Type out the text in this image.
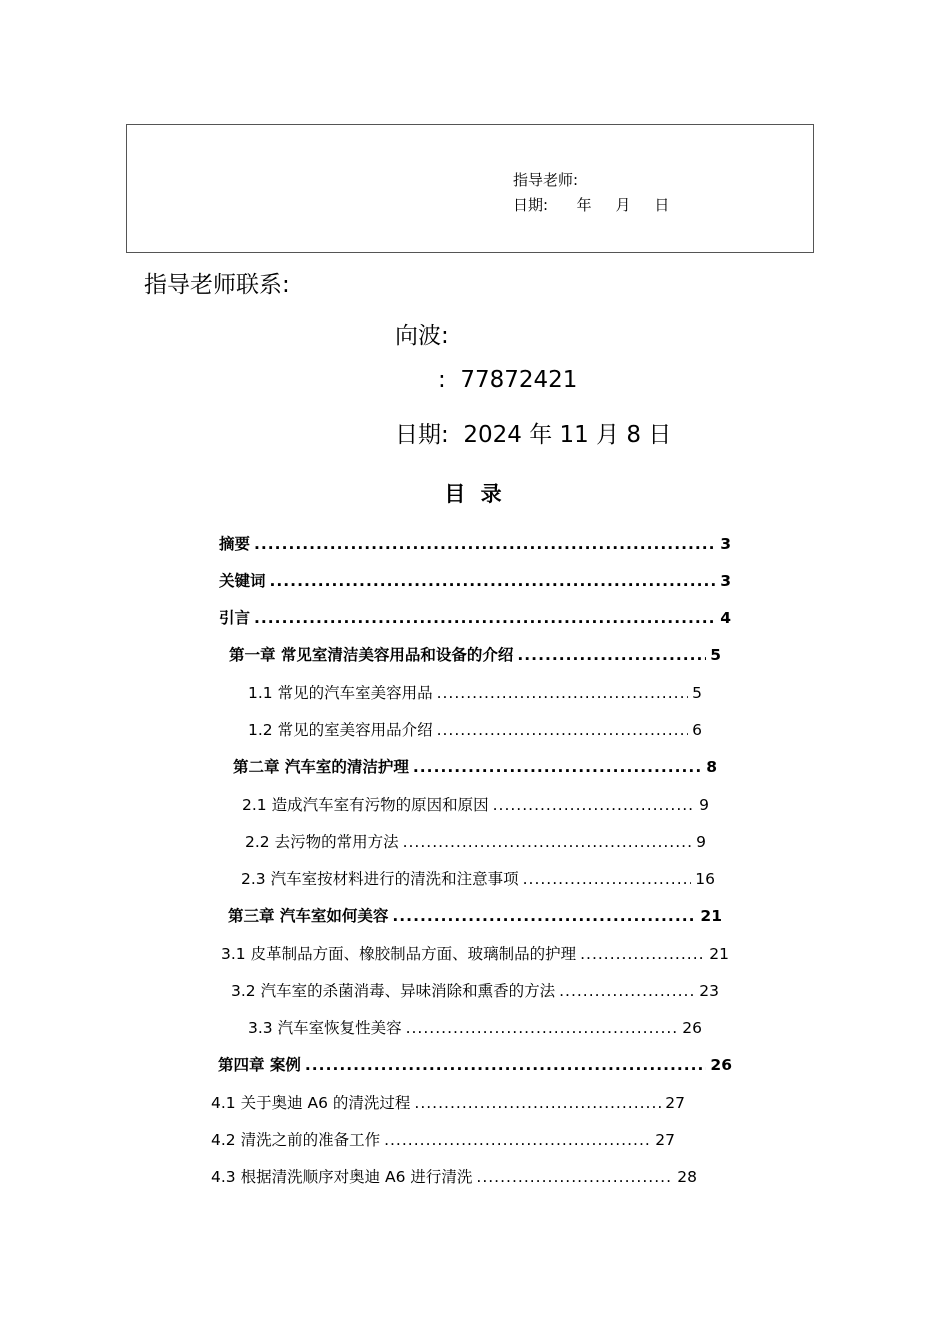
指导老师:
日期:      年     月     日
指导老师联系:
向波:
:  77872421
日期:  2024 年 11 月 8 日
目 录
摘要 .....	3
关键词 .....	3
引言 .....	4
第一章 常见室清洁美容用品和设备的介绍 .....	5
1.1 常见的汽车室美容用品 .....	5
1.2 常见的室美容用品介绍 .....	6
第二章 汽车室的清洁护理 .....	8
2.1 造成汽车室有污物的原因和原因 .....	9
2.2 去污物的常用方法 .....	9
2.3 汽车室按材料进行的清洗和注意事项 .....	16
第三章 汽车室如何美容 .....	21
3.1 皮革制品方面、橡胶制品方面、玻璃制品的护理 .....	21
3.2 汽车室的杀菌消毒、异味消除和熏香的方法 .....	23
3.3 汽车室恢复性美容 .....	26
第四章 案例 .....	26
4.1 关于奥迪 A6 的清洗过程 .....	27
4.2 清洗之前的准备工作 .....	27
4.3 根据清洗顺序对奥迪 A6 进行清洗 .....	28
